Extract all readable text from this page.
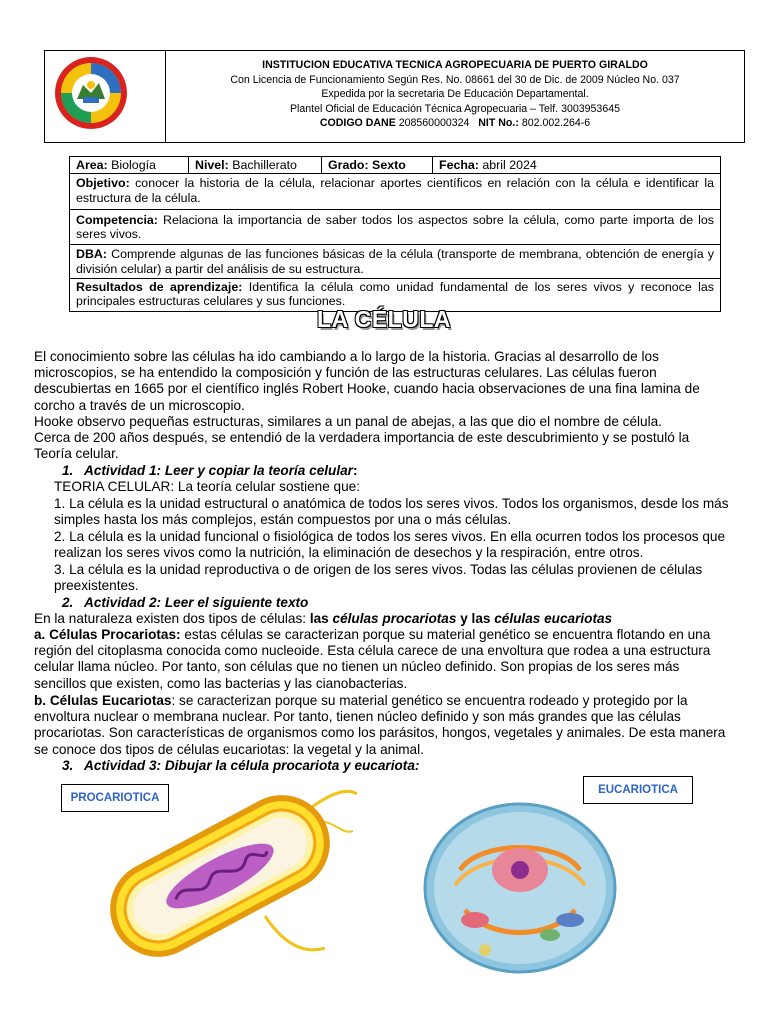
INSTITUCION EDUCATIVA TECNICA AGROPECUARIA DE PUERTO GIRALDO
Con Licencia de Funcionamiento Según Res. No. 08661 del 30 de Dic. de 2009 Núcleo No. 037
Expedida por la secretaria De Educación Departamental.
Plantel Oficial de Educación Técnica Agropecuaria – Telf. 3003953645
CODIGO DANE 208560000324 NIT No.: 802.002.264-6
Area: Biología	Nivel: Bachillerato	Grado: Sexto	Fecha: abril 2024
Objetivo: conocer la historia de la célula, relacionar aportes científicos en relación con la célula e identificar la estructura de la célula.
Competencia: Relaciona la importancia de saber todos los aspectos sobre la célula, como parte importa de los seres vivos.
DBA: Comprende algunas de las funciones básicas de la célula (transporte de membrana, obtención de energía y división celular) a partir del análisis de su estructura.
Resultados de aprendizaje: Identifica la célula como unidad fundamental de los seres vivos y reconoce las principales estructuras celulares y sus funciones.
LA CÉLULA
El conocimiento sobre las células ha ido cambiando a lo largo de la historia. Gracias al desarrollo de los microscopios, se ha entendido la composición y función de las estructuras celulares. Las células fueron descubiertas en 1665 por el científico inglés Robert Hooke, cuando hacia observaciones de una fina lamina de corcho a través de un microscopio.
Hooke observo pequeñas estructuras, similares a un panal de abejas, a las que dio el nombre de célula.
Cerca de 200 años después, se entendió de la verdadera importancia de este descubrimiento y se postuló la Teoría celular.
1. Actividad 1: Leer y copiar la teoría celular:
TEORIA CELULAR: La teoría celular sostiene que:
1. La célula es la unidad estructural o anatómica de todos los seres vivos. Todos los organismos, desde los más simples hasta los más complejos, están compuestos por una o más células.
2. La célula es la unidad funcional o fisiológica de todos los seres vivos. En ella ocurren todos los procesos que realizan los seres vivos como la nutrición, la eliminación de desechos y la respiración, entre otros.
3. La célula es la unidad reproductiva o de origen de los seres vivos. Todas las células provienen de células preexistentes.
2. Actividad 2: Leer el siguiente texto
En la naturaleza existen dos tipos de células: las células procariotas y las células eucariotas
a. Células Procariotas: estas células se caracterizan porque su material genético se encuentra flotando en una región del citoplasma conocida como nucleoide. Esta célula carece de una envoltura que rodea a una estructura celular llama núcleo. Por tanto, son células que no tienen un núcleo definido. Son propias de los seres más sencillos que existen, como las bacterias y las cianobacterias.
b. Células Eucariotas: se caracterizan porque su material genético se encuentra rodeado y protegido por la envoltura nuclear o membrana nuclear. Por tanto, tienen núcleo definido y son más grandes que las células procariotas. Son características de organismos como los parásitos, hongos, vegetales y animales. De esta manera se conoce dos tipos de células eucariotas: la vegetal y la animal.
3. Actividad 3: Dibujar la célula procariota y eucariota:
PROCARIOTICA
EUCARIOTICA
